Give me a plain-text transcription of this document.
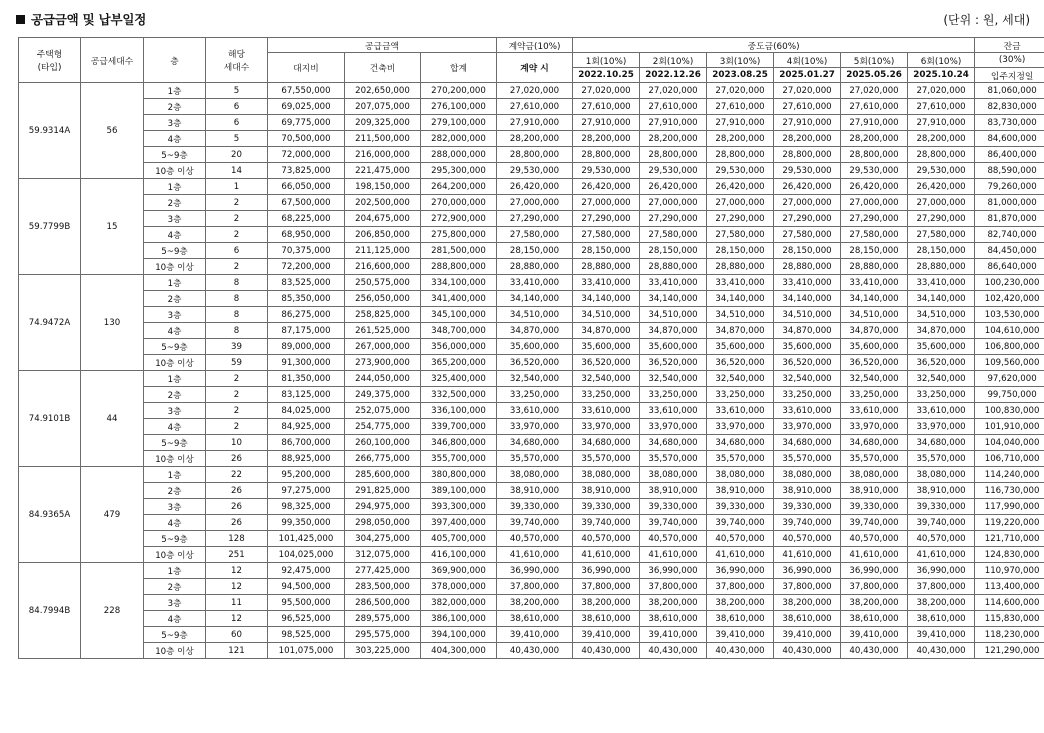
공급금액 및 납부일정	(단위 : 원, 세대)
주택형
(타입)	공급세대수	층	해당
세대수	공급금액			계약금(10%)	중도금(60%)						잔금
				대지비	건축비	합계	계약 시	1회(10%)	2회(10%)	3회(10%)	4회(10%)	5회(10%)	6회(10%)	(30%)
								2022.10.25	2022.12.26	2023.08.25	2025.01.27	2025.05.26	2025.10.24	입주지정일
59.9314A	56	1층	5	67,550,000	202,650,000	270,200,000	27,020,000	27,020,000	27,020,000	27,020,000	27,020,000	27,020,000	27,020,000	81,060,000
		2층	6	69,025,000	207,075,000	276,100,000	27,610,000	27,610,000	27,610,000	27,610,000	27,610,000	27,610,000	27,610,000	82,830,000
		3층	6	69,775,000	209,325,000	279,100,000	27,910,000	27,910,000	27,910,000	27,910,000	27,910,000	27,910,000	27,910,000	83,730,000
		4층	5	70,500,000	211,500,000	282,000,000	28,200,000	28,200,000	28,200,000	28,200,000	28,200,000	28,200,000	28,200,000	84,600,000
		5~9층	20	72,000,000	216,000,000	288,000,000	28,800,000	28,800,000	28,800,000	28,800,000	28,800,000	28,800,000	28,800,000	86,400,000
		10층 이상	14	73,825,000	221,475,000	295,300,000	29,530,000	29,530,000	29,530,000	29,530,000	29,530,000	29,530,000	29,530,000	88,590,000
59.7799B	15	1층	1	66,050,000	198,150,000	264,200,000	26,420,000	26,420,000	26,420,000	26,420,000	26,420,000	26,420,000	26,420,000	79,260,000
		2층	2	67,500,000	202,500,000	270,000,000	27,000,000	27,000,000	27,000,000	27,000,000	27,000,000	27,000,000	27,000,000	81,000,000
		3층	2	68,225,000	204,675,000	272,900,000	27,290,000	27,290,000	27,290,000	27,290,000	27,290,000	27,290,000	27,290,000	81,870,000
		4층	2	68,950,000	206,850,000	275,800,000	27,580,000	27,580,000	27,580,000	27,580,000	27,580,000	27,580,000	27,580,000	82,740,000
		5~9층	6	70,375,000	211,125,000	281,500,000	28,150,000	28,150,000	28,150,000	28,150,000	28,150,000	28,150,000	28,150,000	84,450,000
		10층 이상	2	72,200,000	216,600,000	288,800,000	28,880,000	28,880,000	28,880,000	28,880,000	28,880,000	28,880,000	28,880,000	86,640,000
74.9472A	130	1층	8	83,525,000	250,575,000	334,100,000	33,410,000	33,410,000	33,410,000	33,410,000	33,410,000	33,410,000	33,410,000	100,230,000
		2층	8	85,350,000	256,050,000	341,400,000	34,140,000	34,140,000	34,140,000	34,140,000	34,140,000	34,140,000	34,140,000	102,420,000
		3층	8	86,275,000	258,825,000	345,100,000	34,510,000	34,510,000	34,510,000	34,510,000	34,510,000	34,510,000	34,510,000	103,530,000
		4층	8	87,175,000	261,525,000	348,700,000	34,870,000	34,870,000	34,870,000	34,870,000	34,870,000	34,870,000	34,870,000	104,610,000
		5~9층	39	89,000,000	267,000,000	356,000,000	35,600,000	35,600,000	35,600,000	35,600,000	35,600,000	35,600,000	35,600,000	106,800,000
		10층 이상	59	91,300,000	273,900,000	365,200,000	36,520,000	36,520,000	36,520,000	36,520,000	36,520,000	36,520,000	36,520,000	109,560,000
74.9101B	44	1층	2	81,350,000	244,050,000	325,400,000	32,540,000	32,540,000	32,540,000	32,540,000	32,540,000	32,540,000	32,540,000	97,620,000
		2층	2	83,125,000	249,375,000	332,500,000	33,250,000	33,250,000	33,250,000	33,250,000	33,250,000	33,250,000	33,250,000	99,750,000
		3층	2	84,025,000	252,075,000	336,100,000	33,610,000	33,610,000	33,610,000	33,610,000	33,610,000	33,610,000	33,610,000	100,830,000
		4층	2	84,925,000	254,775,000	339,700,000	33,970,000	33,970,000	33,970,000	33,970,000	33,970,000	33,970,000	33,970,000	101,910,000
		5~9층	10	86,700,000	260,100,000	346,800,000	34,680,000	34,680,000	34,680,000	34,680,000	34,680,000	34,680,000	34,680,000	104,040,000
		10층 이상	26	88,925,000	266,775,000	355,700,000	35,570,000	35,570,000	35,570,000	35,570,000	35,570,000	35,570,000	35,570,000	106,710,000
84.9365A	479	1층	22	95,200,000	285,600,000	380,800,000	38,080,000	38,080,000	38,080,000	38,080,000	38,080,000	38,080,000	38,080,000	114,240,000
		2층	26	97,275,000	291,825,000	389,100,000	38,910,000	38,910,000	38,910,000	38,910,000	38,910,000	38,910,000	38,910,000	116,730,000
		3층	26	98,325,000	294,975,000	393,300,000	39,330,000	39,330,000	39,330,000	39,330,000	39,330,000	39,330,000	39,330,000	117,990,000
		4층	26	99,350,000	298,050,000	397,400,000	39,740,000	39,740,000	39,740,000	39,740,000	39,740,000	39,740,000	39,740,000	119,220,000
		5~9층	128	101,425,000	304,275,000	405,700,000	40,570,000	40,570,000	40,570,000	40,570,000	40,570,000	40,570,000	40,570,000	121,710,000
		10층 이상	251	104,025,000	312,075,000	416,100,000	41,610,000	41,610,000	41,610,000	41,610,000	41,610,000	41,610,000	41,610,000	124,830,000
84.7994B	228	1층	12	92,475,000	277,425,000	369,900,000	36,990,000	36,990,000	36,990,000	36,990,000	36,990,000	36,990,000	36,990,000	110,970,000
		2층	12	94,500,000	283,500,000	378,000,000	37,800,000	37,800,000	37,800,000	37,800,000	37,800,000	37,800,000	37,800,000	113,400,000
		3층	11	95,500,000	286,500,000	382,000,000	38,200,000	38,200,000	38,200,000	38,200,000	38,200,000	38,200,000	38,200,000	114,600,000
		4층	12	96,525,000	289,575,000	386,100,000	38,610,000	38,610,000	38,610,000	38,610,000	38,610,000	38,610,000	38,610,000	115,830,000
		5~9층	60	98,525,000	295,575,000	394,100,000	39,410,000	39,410,000	39,410,000	39,410,000	39,410,000	39,410,000	39,410,000	118,230,000
		10층 이상	121	101,075,000	303,225,000	404,300,000	40,430,000	40,430,000	40,430,000	40,430,000	40,430,000	40,430,000	40,430,000	121,290,000
